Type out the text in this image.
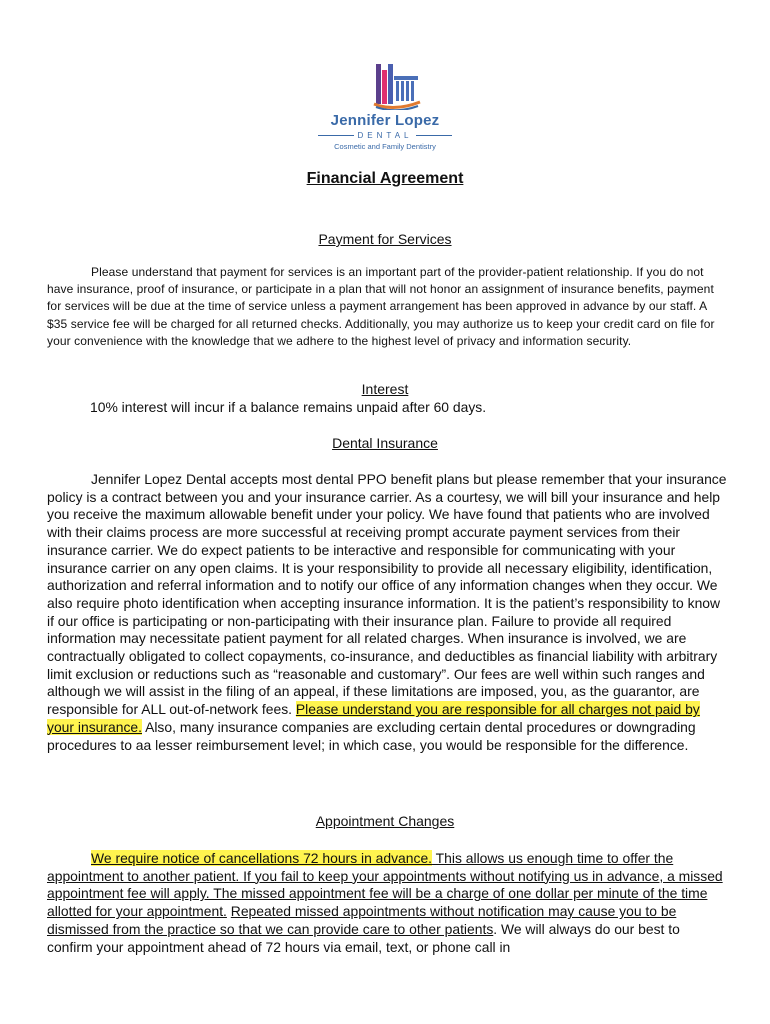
Jennifer Lopez
DENTAL
Cosmetic and Family Dentistry
Financial Agreement
Payment for Services

Please understand that payment for services is an important part of the provider-patient relationship. If you do not have insurance, proof of insurance, or participate in a plan that will not honor an assignment of insurance benefits, payment for services will be due at the time of service unless a payment arrangement has been approved in advance by our staff. A $35 service fee will be charged for all returned checks. Additionally, you may authorize us to keep your credit card on file for your convenience with the knowledge that we adhere to the highest level of privacy and information security.

Interest
10% interest will incur if a balance remains unpaid after 60 days.
Dental Insurance

Jennifer Lopez Dental accepts most dental PPO benefit plans but please remember that your insurance policy is a contract between you and your insurance carrier. As a courtesy, we will bill your insurance and help you receive the maximum allowable benefit under your policy. We have found that patients who are involved with their claims process are more successful at receiving prompt accurate payment services from their insurance carrier. We do expect patients to be interactive and responsible for communicating with your insurance carrier on any open claims. It is your responsibility to provide all necessary eligibility, identification, authorization and referral information and to notify our office of any information changes when they occur. We also require photo identification when accepting insurance information. It is the patient’s responsibility to know if our office is participating or non-participating with their insurance plan. Failure to provide all required information may necessitate patient payment for all related charges. When insurance is involved, we are contractually obligated to collect copayments, co-insurance, and deductibles as financial liability with arbitrary limit exclusion or reductions such as “reasonable and customary”. Our fees are well within such ranges and although we will assist in the filing of an appeal, if these limitations are imposed, you, as the guarantor, are responsible for ALL out-of-network fees. Please understand you are responsible for all charges not paid by your insurance. Also, many insurance companies are excluding certain dental procedures or downgrading procedures to aa lesser reimbursement level; in which case, you would be responsible for the difference.

Appointment Changes

We require notice of cancellations 72 hours in advance. This allows us enough time to offer the appointment to another patient. If you fail to keep your appointments without notifying us in advance, a missed appointment fee will apply. The missed appointment fee will be a charge of one dollar per minute of the time allotted for your appointment. Repeated missed appointments without notification may cause you to be dismissed from the practice so that we can provide care to other patients. We will always do our best to confirm your appointment ahead of 72 hours via email, text, or phone call in
